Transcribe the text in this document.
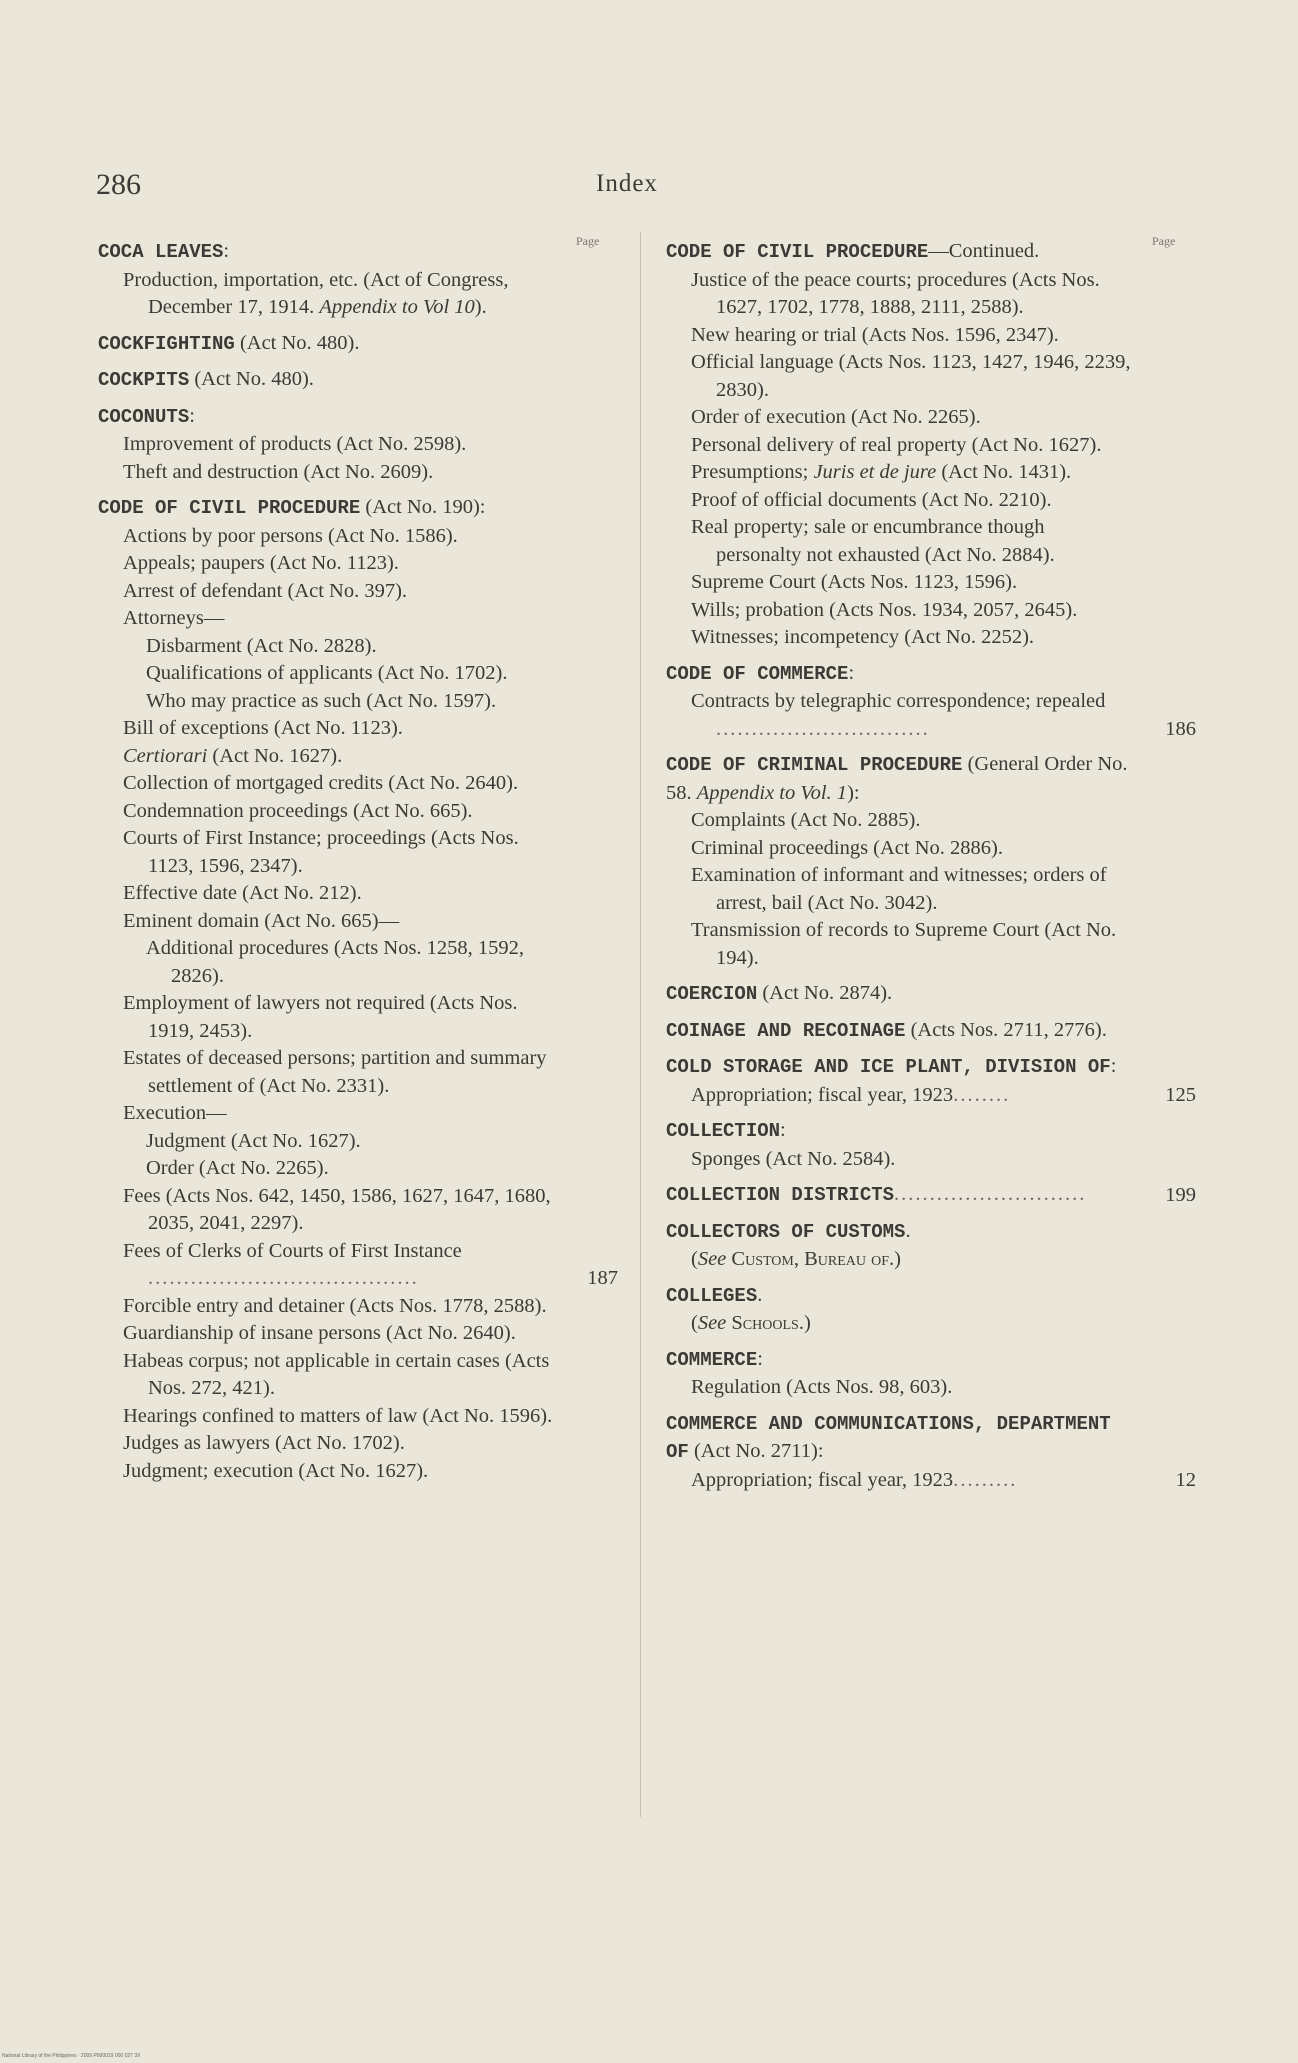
286	Index
Page	Page
COCA LEAVES:
Production, importation, etc. (Act of Congress, December 17, 1914. Appendix to Vol 10).
COCKFIGHTING (Act No. 480).
COCKPITS (Act No. 480).
COCONUTS:
Improvement of products (Act No. 2598).
Theft and destruction (Act No. 2609).
CODE OF CIVIL PROCEDURE (Act No. 190):
Actions by poor persons (Act No. 1586).
Appeals; paupers (Act No. 1123).
Arrest of defendant (Act No. 397).
Attorneys—
Disbarment (Act No. 2828).
Qualifications of applicants (Act No. 1702).
Who may practice as such (Act No. 1597).
Bill of exceptions (Act No. 1123).
Certiorari (Act No. 1627).
Collection of mortgaged credits (Act No. 2640).
Condemnation proceedings (Act No. 665).
Courts of First Instance; proceedings (Acts Nos. 1123, 1596, 2347).
Effective date (Act No. 212).
Eminent domain (Act No. 665)—
Additional procedures (Acts Nos. 1258, 1592, 2826).
Employment of lawyers not required (Acts Nos. 1919, 2453).
Estates of deceased persons; partition and summary settlement of (Act No. 2331).
Execution—
Judgment (Act No. 1627).
Order (Act No. 2265).
Fees (Acts Nos. 642, 1450, 1586, 1627, 1647, 1680, 2035, 2041, 2297).
Fees of Clerks of Courts of First Instance ......................................	187
Forcible entry and detainer (Acts Nos. 1778, 2588).
Guardianship of insane persons (Act No. 2640).
Habeas corpus; not applicable in certain cases (Acts Nos. 272, 421).
Hearings confined to matters of law (Act No. 1596).
Judges as lawyers (Act No. 1702).
Judgment; execution (Act No. 1627).
CODE OF CIVIL PROCEDURE—Continued.
Justice of the peace courts; procedures (Acts Nos. 1627, 1702, 1778, 1888, 2111, 2588).
New hearing or trial (Acts Nos. 1596, 2347).
Official language (Acts Nos. 1123, 1427, 1946, 2239, 2830).
Order of execution (Act No. 2265).
Personal delivery of real property (Act No. 1627).
Presumptions; Juris et de jure (Act No. 1431).
Proof of official documents (Act No. 2210).
Real property; sale or encumbrance though personalty not exhausted (Act No. 2884).
Supreme Court (Acts Nos. 1123, 1596).
Wills; probation (Acts Nos. 1934, 2057, 2645).
Witnesses; incompetency (Act No. 2252).
CODE OF COMMERCE:
Contracts by telegraphic correspondence; repealed ..............................	186
CODE OF CRIMINAL PROCEDURE (General Order No. 58. Appendix to Vol. 1):
Complaints (Act No. 2885).
Criminal proceedings (Act No. 2886).
Examination of informant and witnesses; orders of arrest, bail (Act No. 3042).
Transmission of records to Supreme Court (Act No. 194).
COERCION (Act No. 2874).
COINAGE AND RECOINAGE (Acts Nos. 2711, 2776).
COLD STORAGE AND ICE PLANT, DIVISION OF:
Appropriation; fiscal year, 1923........	125
COLLECTION:
Sponges (Act No. 2584).
COLLECTION DISTRICTS...........................	199
COLLECTORS OF CUSTOMS.
(See Custom, Bureau of.)
COLLEGES.
(See Schools.)
COMMERCE:
Regulation (Acts Nos. 98, 603).
COMMERCE AND COMMUNICATIONS, DEPARTMENT OF (Act No. 2711):
Appropriation; fiscal year, 1923.........	12
National Library of the Philippines · 2009 P000019 000 027 3X
